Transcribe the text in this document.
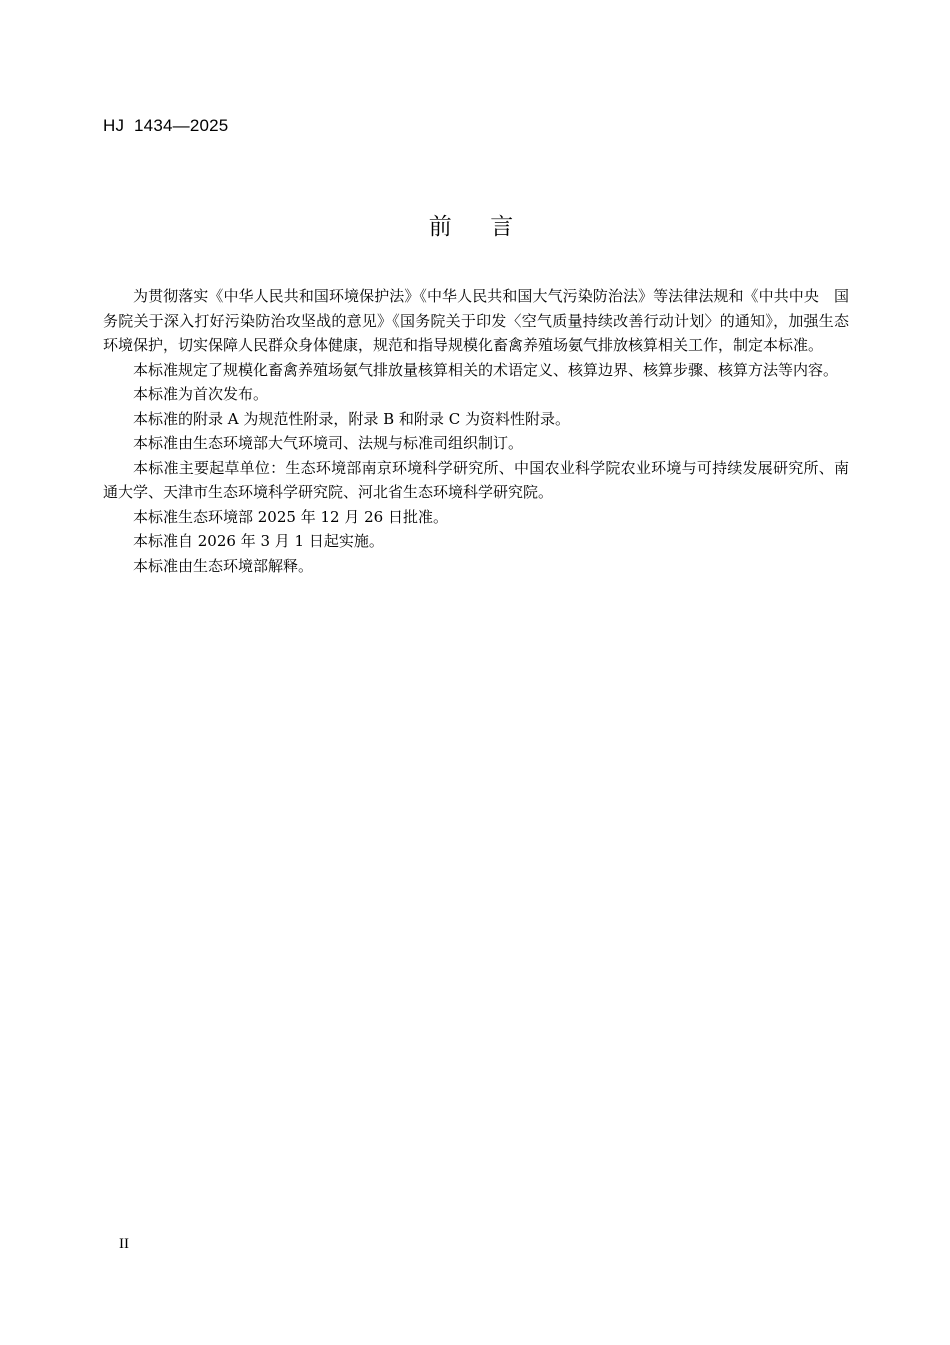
HJ  1434—2025
前  言

为贯彻落实《中华人民共和国环境保护法》《中华人民共和国大气污染防治法》等法律法规和《中共中央　国务院关于深入打好污染防治攻坚战的意见》《国务院关于印发〈空气质量持续改善行动计划〉的通知》，加强生态环境保护，切实保障人民群众身体健康，规范和指导规模化畜禽养殖场氨气排放核算相关工作，制定本标准。

本标准规定了规模化畜禽养殖场氨气排放量核算相关的术语定义、核算边界、核算步骤、核算方法等内容。

本标准为首次发布。

本标准的附录 A 为规范性附录，附录 B 和附录 C 为资料性附录。

本标准由生态环境部大气环境司、法规与标准司组织制订。

本标准主要起草单位：生态环境部南京环境科学研究所、中国农业科学院农业环境与可持续发展研究所、南通大学、天津市生态环境科学研究院、河北省生态环境科学研究院。

本标准生态环境部 2025 年 12 月 26 日批准。

本标准自 2026 年 3 月 1 日起实施。

本标准由生态环境部解释。

II
